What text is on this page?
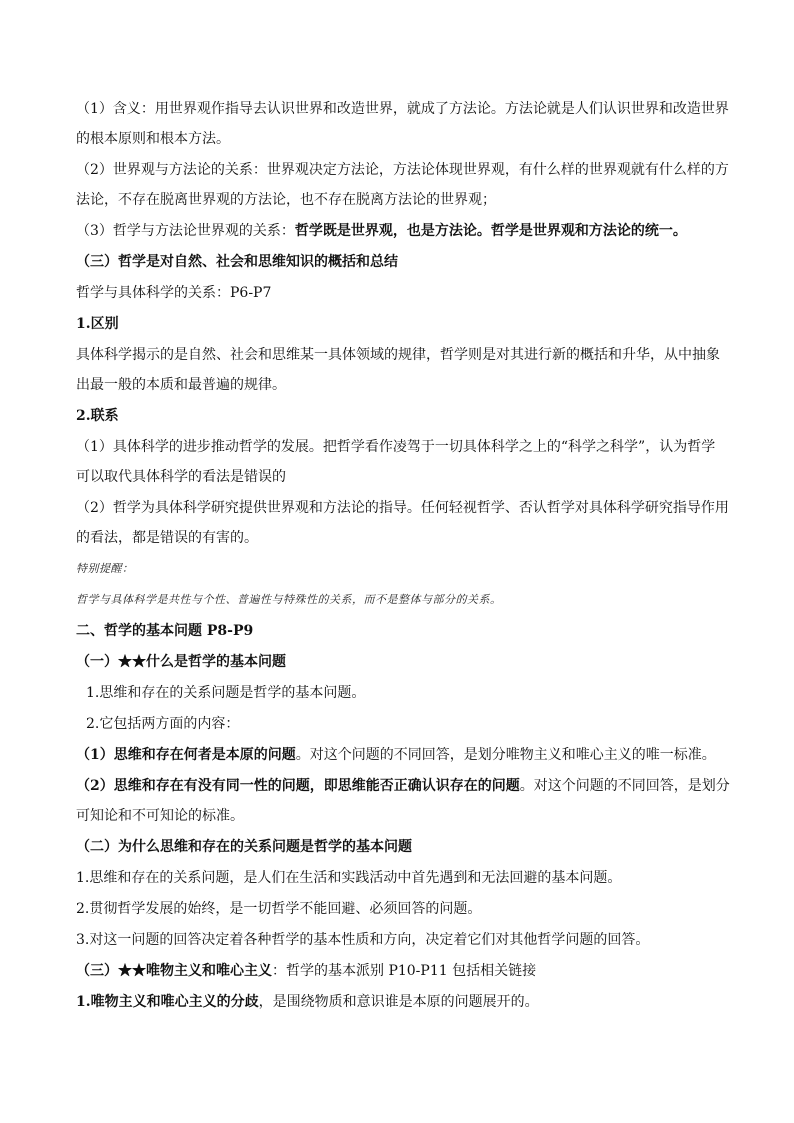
（1）含义：用世界观作指导去认识世界和改造世界，就成了方法论。方法论就是人们认识世界和改造世界

的根本原则和根本方法。

（2）世界观与方法论的关系：世界观决定方法论，方法论体现世界观，有什么样的世界观就有什么样的方

法论，不存在脱离世界观的方法论，也不存在脱离方法论的世界观；

（3）哲学与方法论世界观的关系：哲学既是世界观，也是方法论。哲学是世界观和方法论的统一。

（三）哲学是对自然、社会和思维知识的概括和总结

哲学与具体科学的关系：P6-P7

1.区别

具体科学揭示的是自然、社会和思维某一具体领域的规律，哲学则是对其进行新的概括和升华，从中抽象

出最一般的本质和最普遍的规律。

2.联系

（1）具体科学的进步推动哲学的发展。把哲学看作凌驾于一切具体科学之上的“科学之科学”，认为哲学

可以取代具体科学的看法是错误的

（2）哲学为具体科学研究提供世界观和方法论的指导。任何轻视哲学、否认哲学对具体科学研究指导作用

的看法，都是错误的有害的。

特别提醒：

哲学与具体科学是共性与个性、普遍性与特殊性的关系，而不是整体与部分的关系。

二、哲学的基本问题 P8-P9

（一）★★什么是哲学的基本问题

1.思维和存在的关系问题是哲学的基本问题。

2.它包括两方面的内容：

（1）思维和存在何者是本原的问题。对这个问题的不同回答，是划分唯物主义和唯心主义的唯一标准。

（2）思维和存在有没有同一性的问题，即思维能否正确认识存在的问题。对这个问题的不同回答，是划分

可知论和不可知论的标准。

（二）为什么思维和存在的关系问题是哲学的基本问题

1.思维和存在的关系问题，是人们在生活和实践活动中首先遇到和无法回避的基本问题。

2.贯彻哲学发展的始终，是一切哲学不能回避、必须回答的问题。

3.对这一问题的回答决定着各种哲学的基本性质和方向，决定着它们对其他哲学问题的回答。

（三）★★唯物主义和唯心主义：哲学的基本派别 P10-P11 包括相关链接

1.唯物主义和唯心主义的分歧，是围绕物质和意识谁是本原的问题展开的。
